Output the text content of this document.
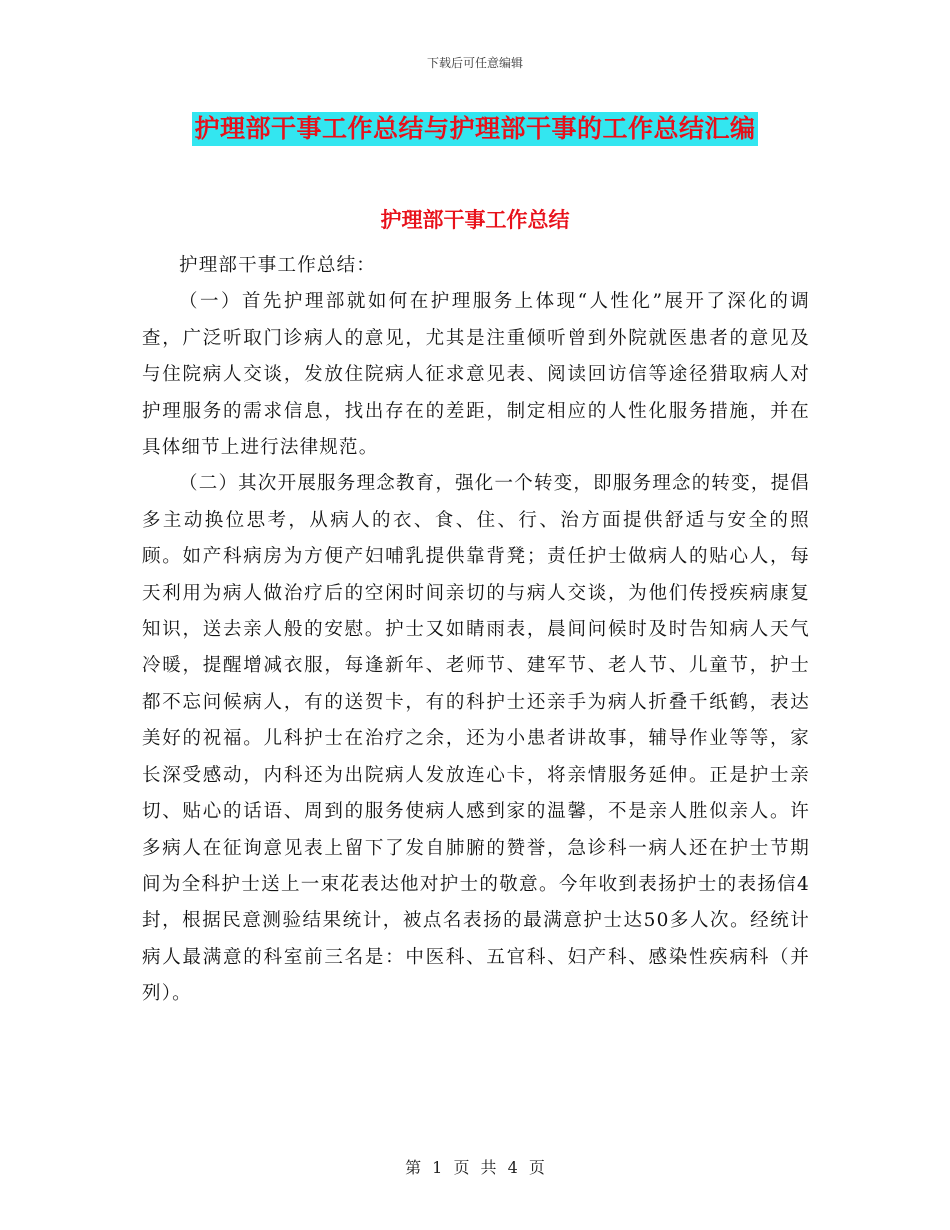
下载后可任意编辑
护理部干事工作总结与护理部干事的工作总结汇编
护理部干事工作总结

护理部干事工作总结：

（一）首先护理部就如何在护理服务上体现“人性化”展开了深化的调查，广泛听取门诊病人的意见，尤其是注重倾听曾到外院就医患者的意见及与住院病人交谈，发放住院病人征求意见表、阅读回访信等途径猎取病人对护理服务的需求信息，找出存在的差距，制定相应的人性化服务措施，并在具体细节上进行法律规范。

（二）其次开展服务理念教育，强化一个转变，即服务理念的转变，提倡多主动换位思考，从病人的衣、食、住、行、治方面提供舒适与安全的照顾。如产科病房为方便产妇哺乳提供靠背凳；责任护士做病人的贴心人，每天利用为病人做治疗后的空闲时间亲切的与病人交谈，为他们传授疾病康复知识，送去亲人般的安慰。护士又如睛雨表，晨间问候时及时告知病人天气冷暖，提醒增减衣服，每逢新年、老师节、建军节、老人节、儿童节，护士都不忘问候病人，有的送贺卡，有的科护士还亲手为病人折叠千纸鹤，表达美好的祝福。儿科护士在治疗之余，还为小患者讲故事，辅导作业等等，家长深受感动，内科还为出院病人发放连心卡，将亲情服务延伸。正是护士亲切、贴心的话语、周到的服务使病人感到家的温馨，不是亲人胜似亲人。许多病人在征询意见表上留下了发自肺腑的赞誉，急诊科一病人还在护士节期间为全科护士送上一束花表达他对护士的敬意。今年收到表扬护士的表扬信4封，根据民意测验结果统计，被点名表扬的最满意护士达50多人次。经统计病人最满意的科室前三名是：中医科、五官科、妇产科、感染性疾病科（并列）。

第 1 页 共 4 页
